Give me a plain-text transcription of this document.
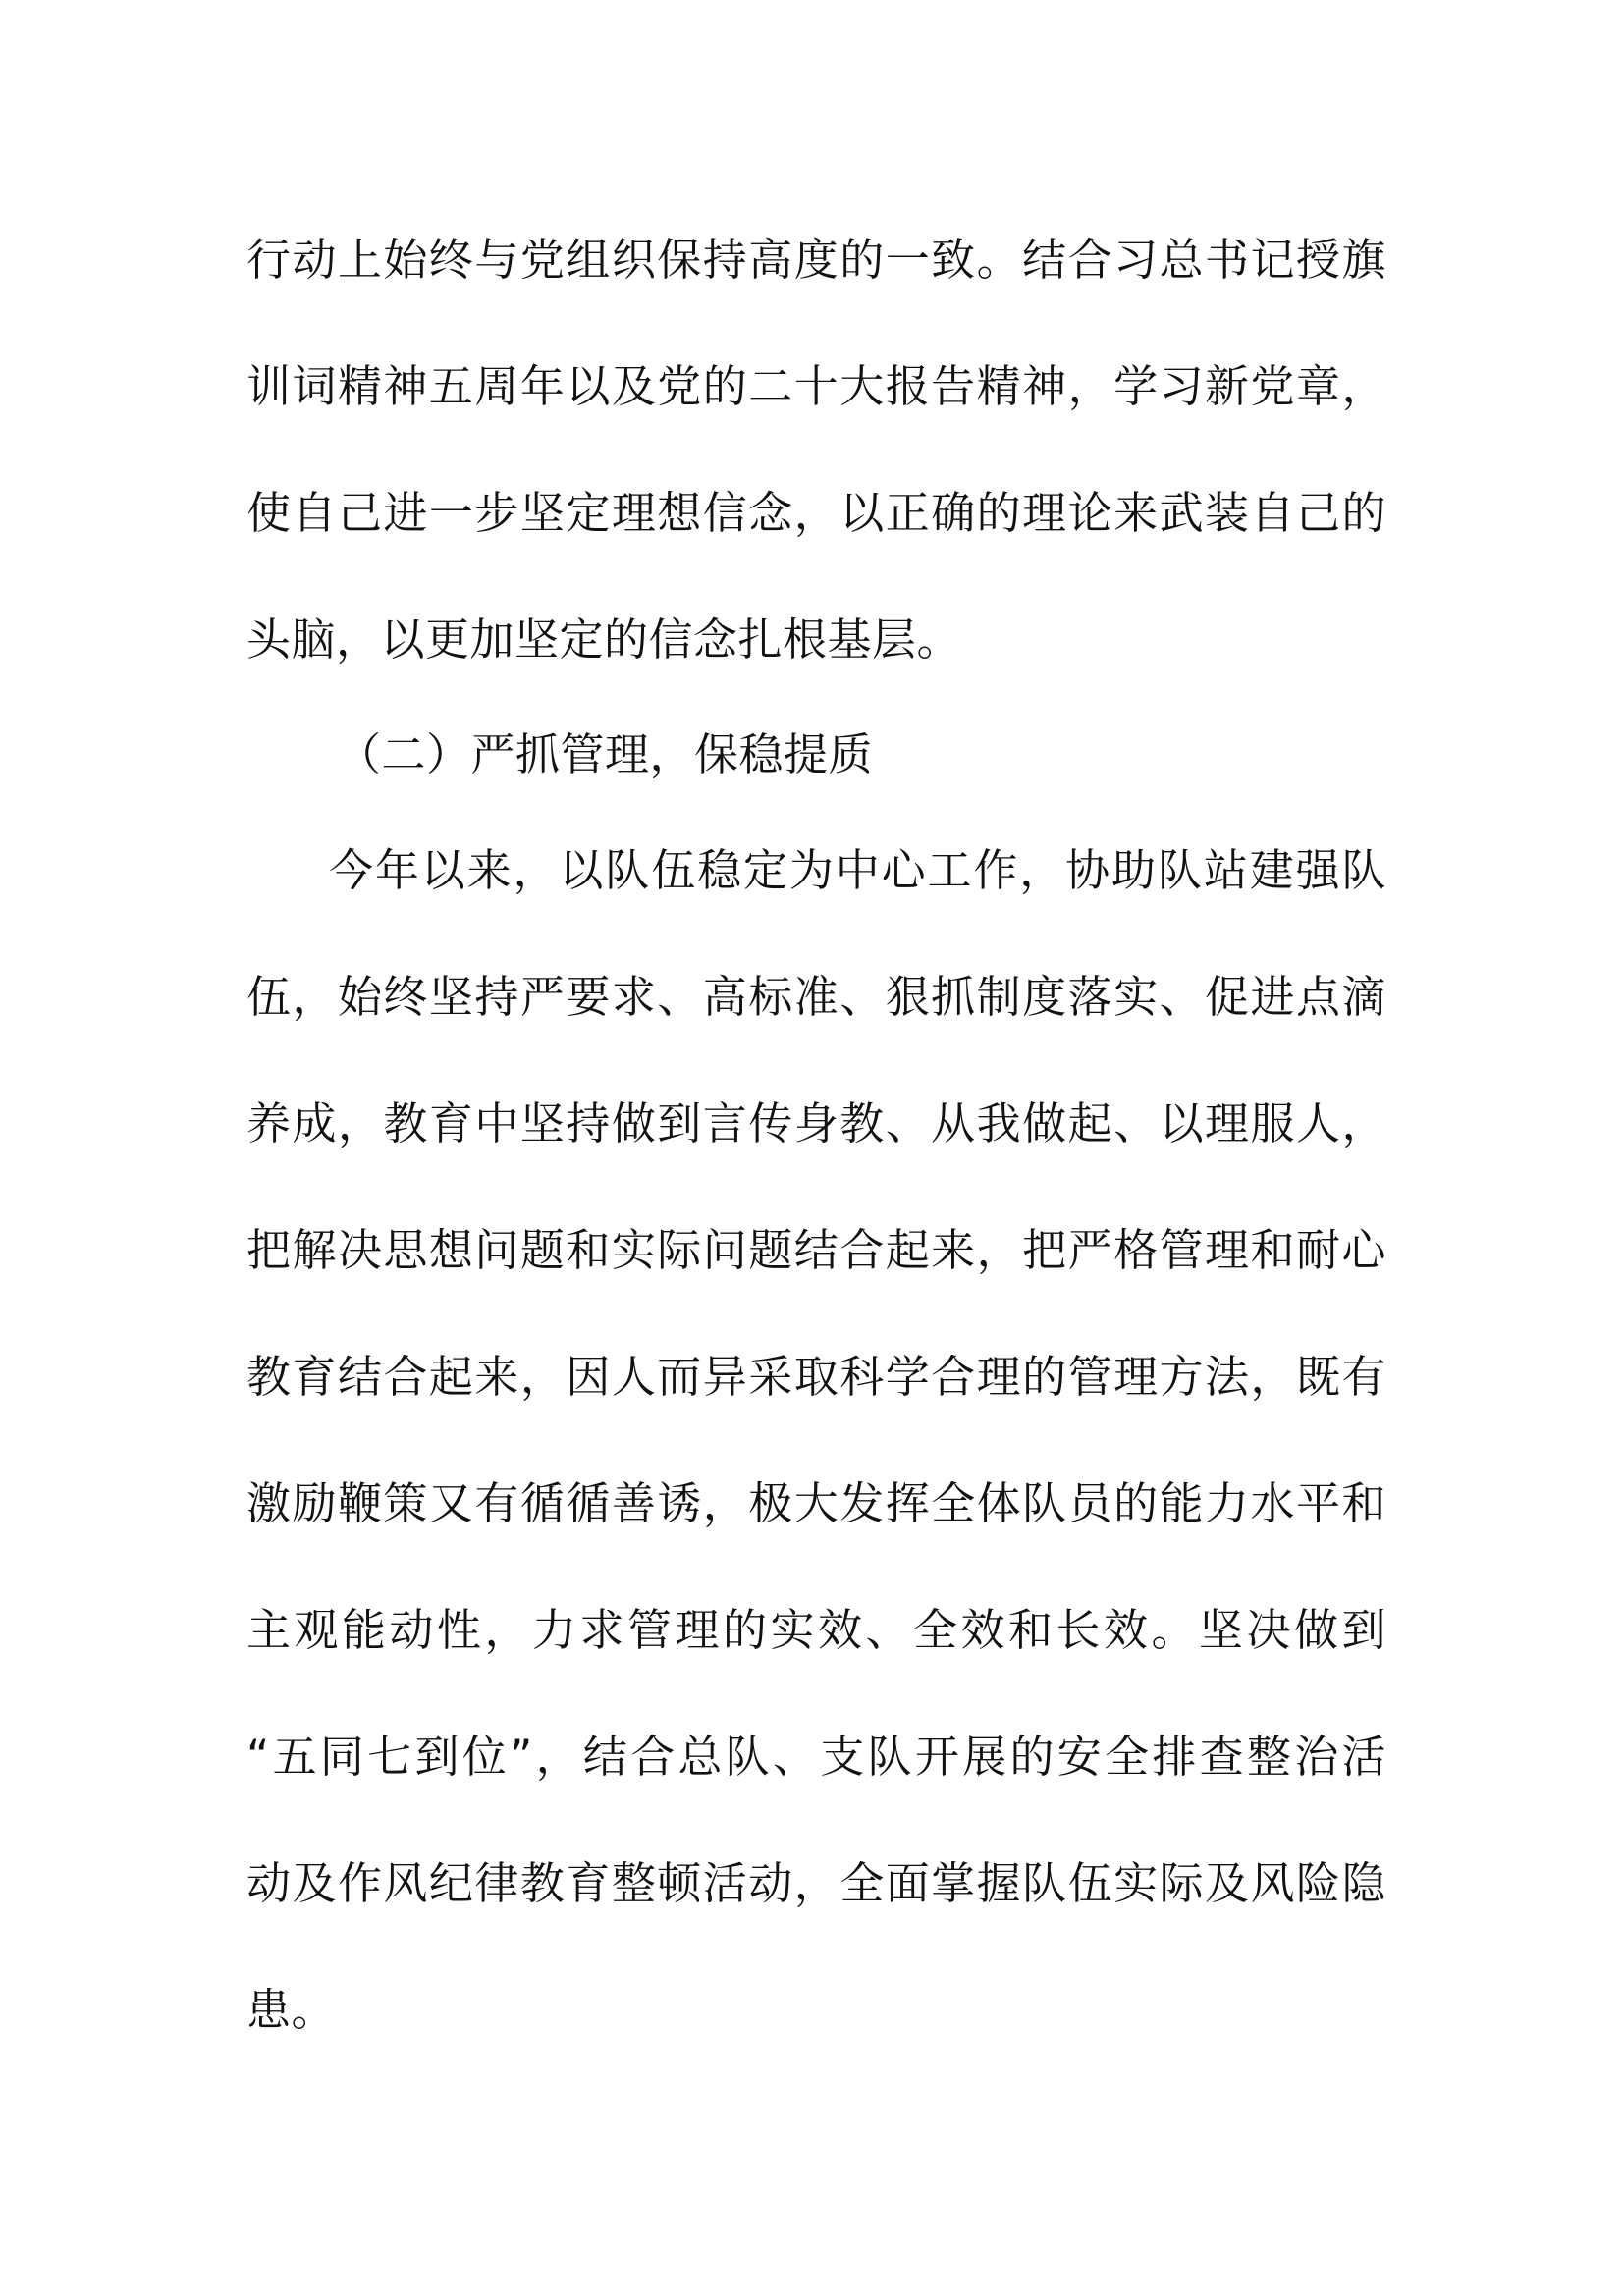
行动上始终与党组织保持高度的一致。结合习总书记授旗
训词精神五周年以及党的二十大报告精神，学习新党章，
使自己进一步坚定理想信念，以正确的理论来武装自己的
头脑，以更加坚定的信念扎根基层。
（二）严抓管理，保稳提质
今年以来，以队伍稳定为中心工作，协助队站建强队
伍，始终坚持严要求、高标准、狠抓制度落实、促进点滴
养成，教育中坚持做到言传身教、从我做起、以理服人，
把解决思想问题和实际问题结合起来，把严格管理和耐心
教育结合起来，因人而异采取科学合理的管理方法，既有
激励鞭策又有循循善诱，极大发挥全体队员的能力水平和
主观能动性，力求管理的实效、全效和长效。坚决做到
“五同七到位”，结合总队、支队开展的安全排查整治活
动及作风纪律教育整顿活动，全面掌握队伍实际及风险隐
患。
